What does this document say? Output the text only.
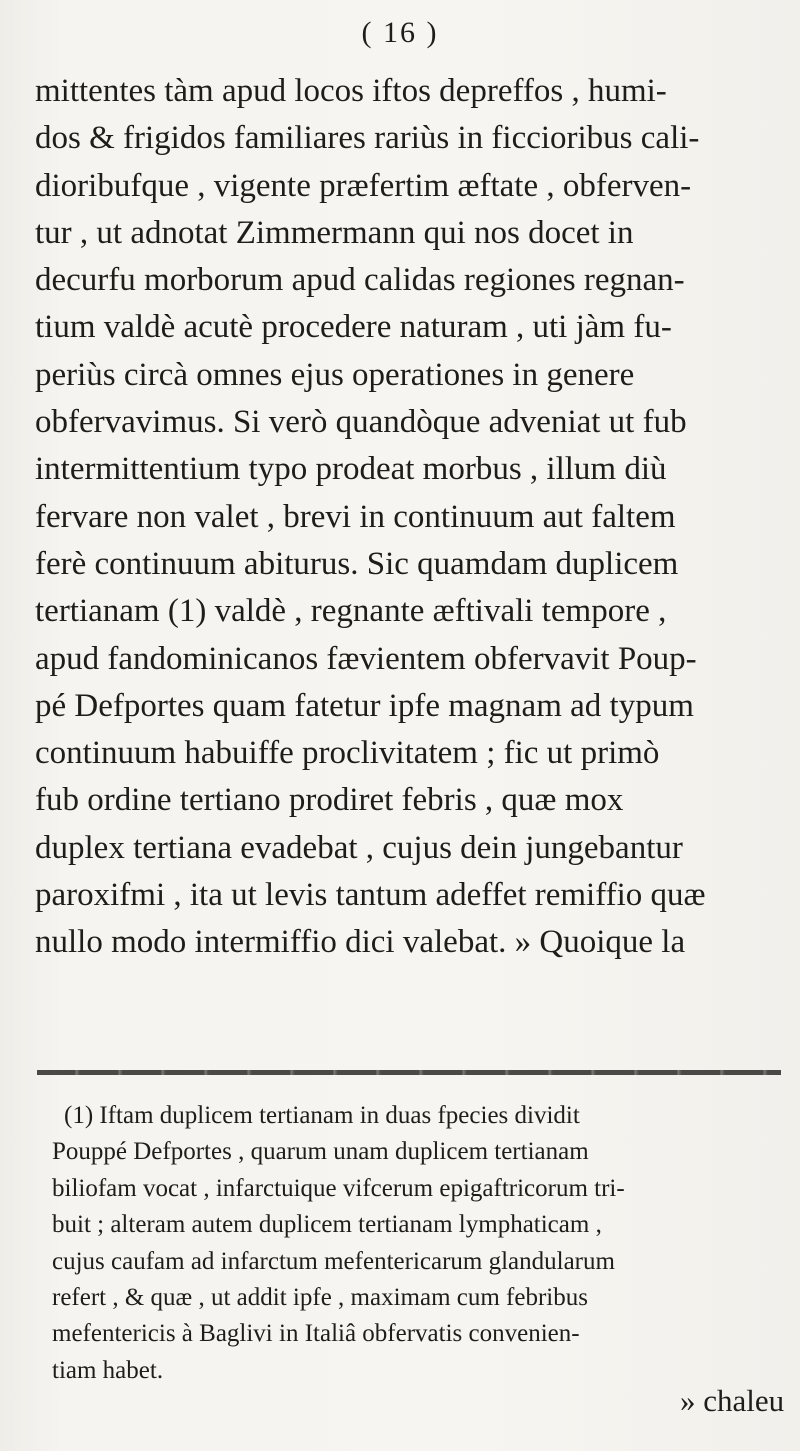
( 16 )
mittentes tàm apud locos iftos depreffos , humi-
dos & frigidos familiares rariùs in ficcioribus cali-
dioribufque , vigente præfertim æftate , obferven-
tur , ut adnotat Zimmermann qui nos docet in
decurfu morborum apud calidas regiones regnan-
tium valdè acutè procedere naturam , uti jàm fu-
periùs circà omnes ejus operationes in genere
obfervavimus. Si verò quandòque adveniat ut fub
intermittentium typo prodeat morbus , illum diù
fervare non valet , brevi in continuum aut faltem
ferè continuum abiturus. Sic quamdam duplicem
tertianam (1) valdè , regnante æftivali tempore ,
apud fandominicanos fævientem obfervavit Poup-
pé Defportes quam fatetur ipfe magnam ad typum
continuum habuiffe proclivitatem ; fic ut primò
fub ordine tertiano prodiret febris , quæ mox
duplex tertiana evadebat , cujus dein jungebantur
paroxifmi , ita ut levis tantum adeffet remiffio quæ
nullo modo intermiffio dici valebat. » Quoique la
(1) Iftam duplicem tertianam in duas fpecies dividit
Pouppé Defportes , quarum unam duplicem tertianam
biliofam vocat , infarctuique vifcerum epigaftricorum tri-
buit ; alteram autem duplicem tertianam lymphaticam ,
cujus caufam ad infarctum mefentericarum glandularum
refert , & quæ , ut addit ipfe , maximam cum febribus
mefentericis à Baglivi in Italiâ obfervatis convenien-
tiam habet.
» chaleu
